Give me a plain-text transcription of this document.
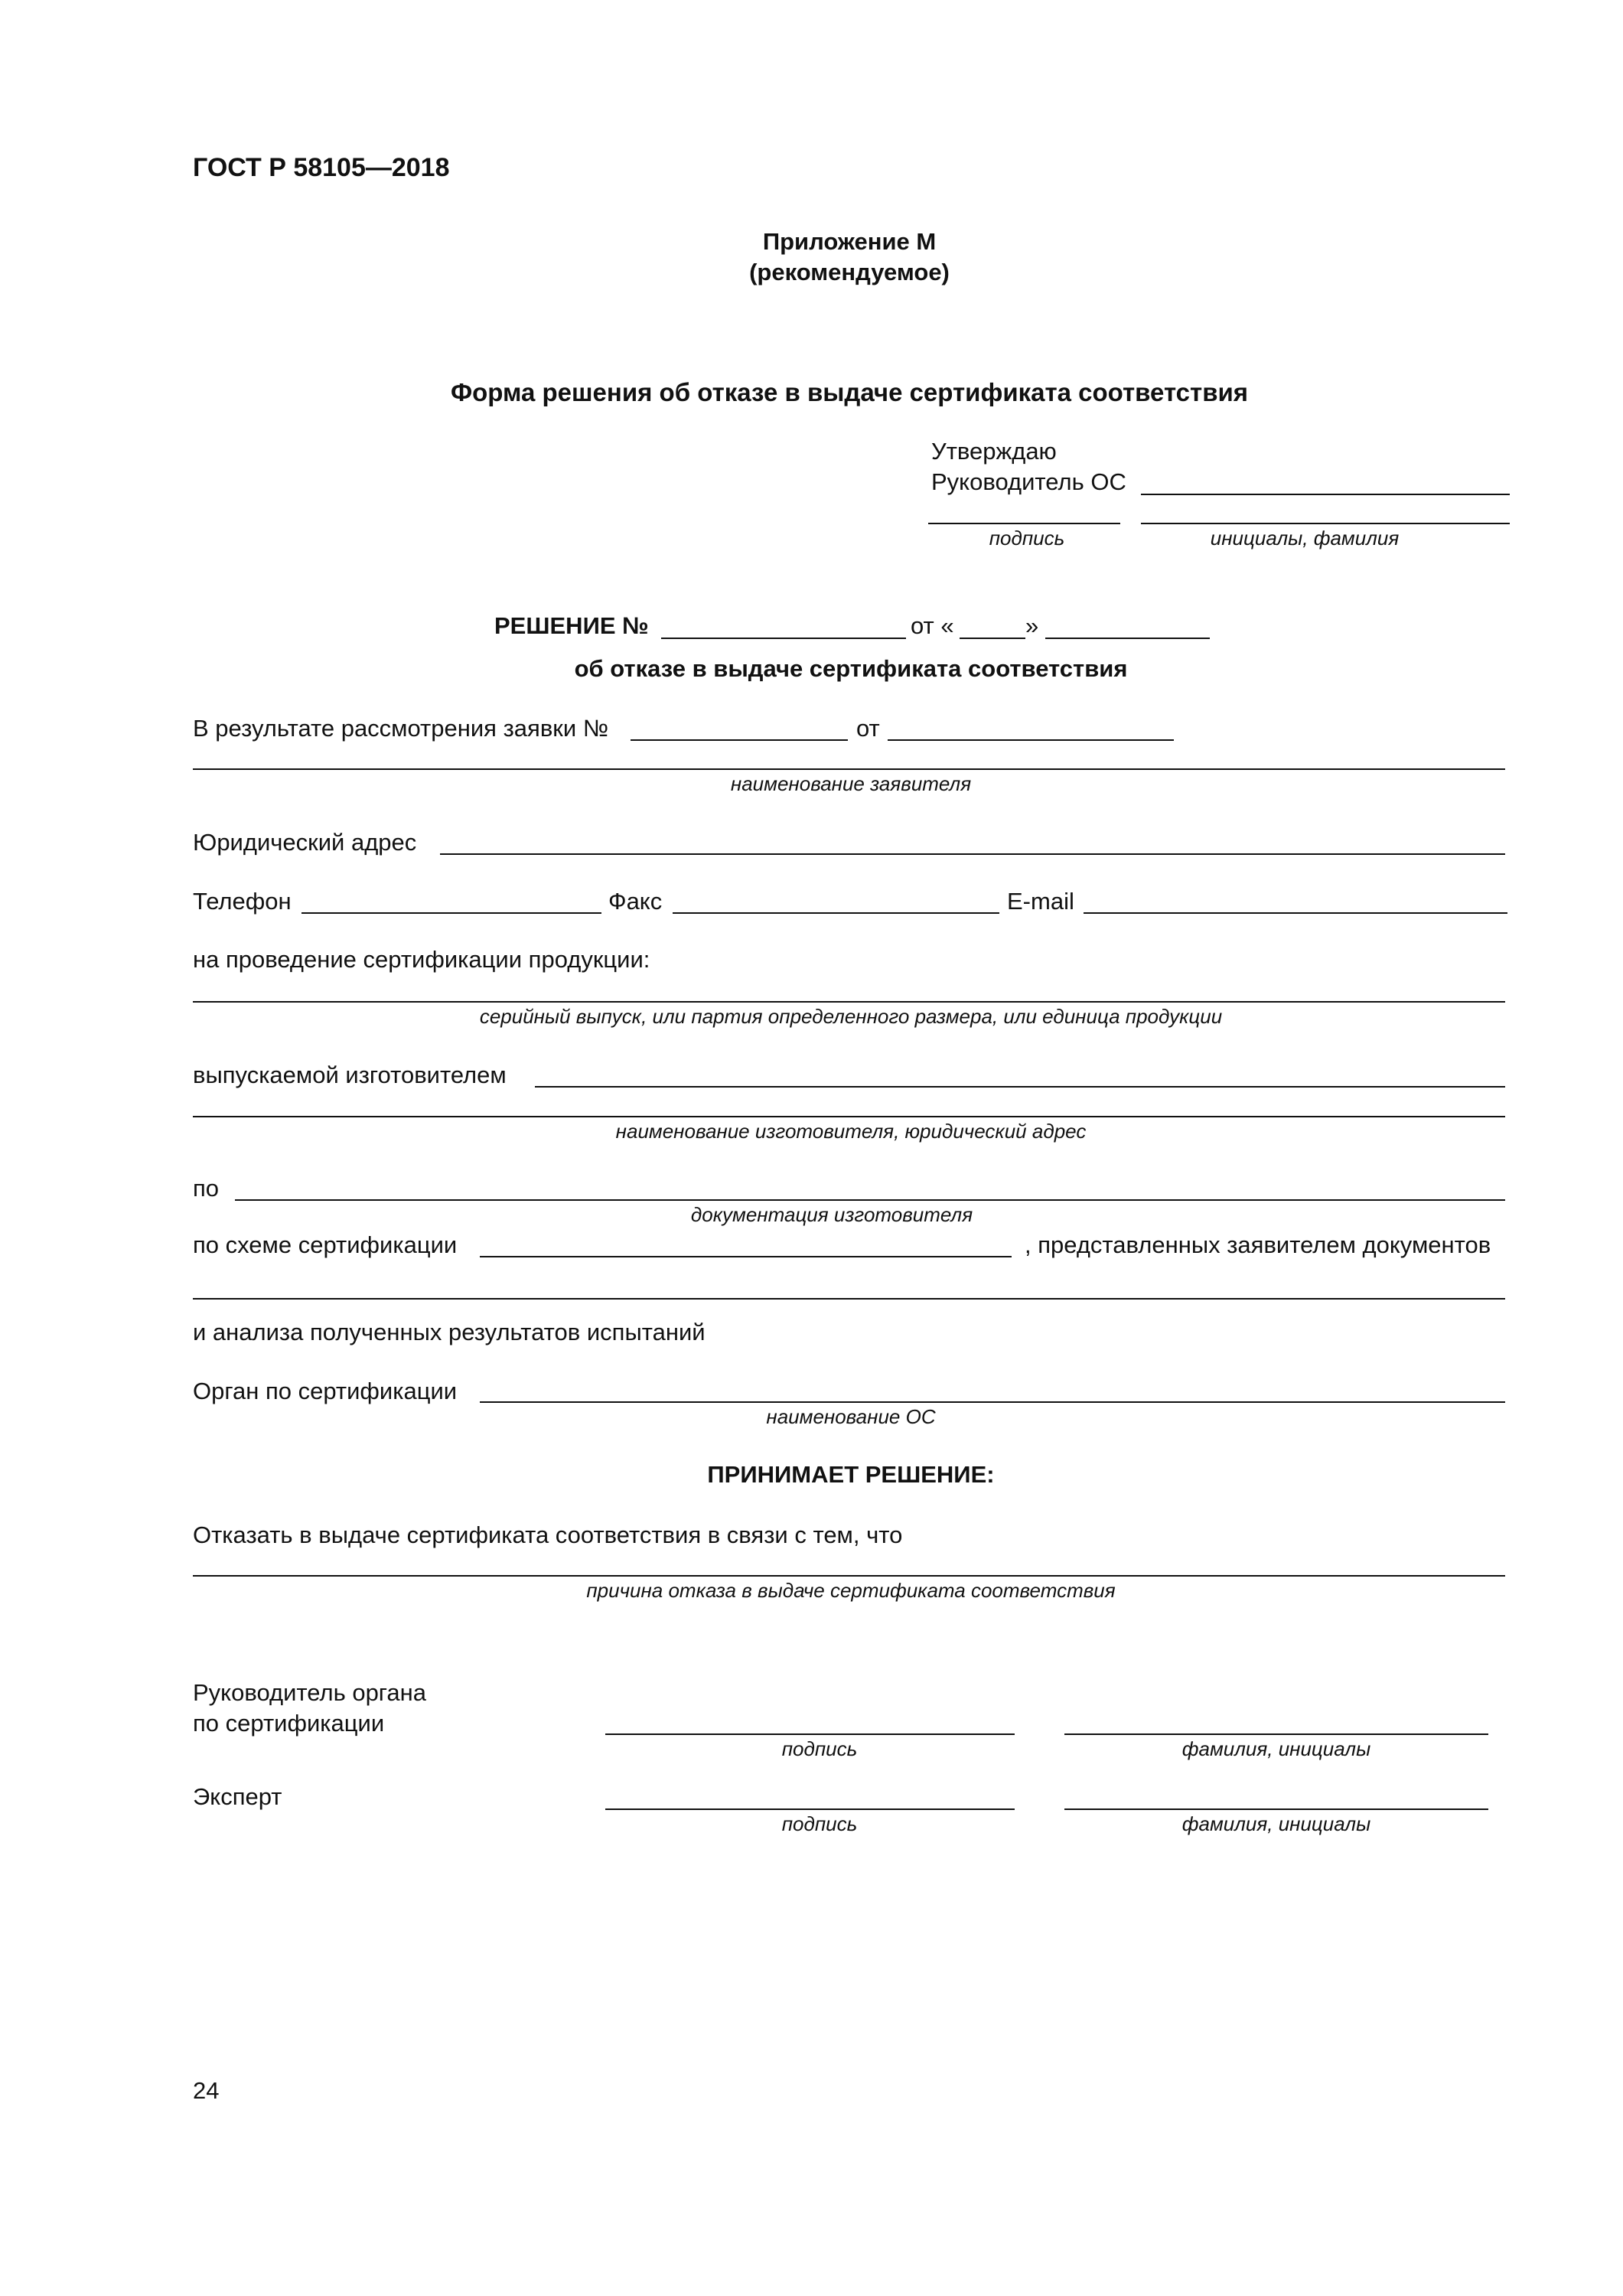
ГОСТ Р 58105—2018
Приложение М
(рекомендуемое)
Форма решения об отказе в выдаче сертификата соответствия
Утверждаю
Руководитель ОС
подпись	инициалы, фамилия
РЕШЕНИЕ №	от «	»
об отказе в выдаче сертификата соответствия
В результате рассмотрения заявки №	от
наименование заявителя
Юридический адрес
Телефон	Факс	E-mail
на проведение сертификации продукции:
серийный выпуск, или партия определенного размера, или единица продукции
выпускаемой изготовителем
наименование изготовителя, юридический адрес
по
документация изготовителя
по схеме сертификации	, представленных заявителем документов
и анализа полученных результатов испытаний
Орган по сертификации
наименование ОС
ПРИНИМАЕТ РЕШЕНИЕ:
Отказать в выдаче сертификата соответствия в связи с тем, что
причина отказа в выдаче сертификата соответствия
Руководитель органа
по сертификации
подпись	фамилия, инициалы
Эксперт
подпись	фамилия, инициалы
24
